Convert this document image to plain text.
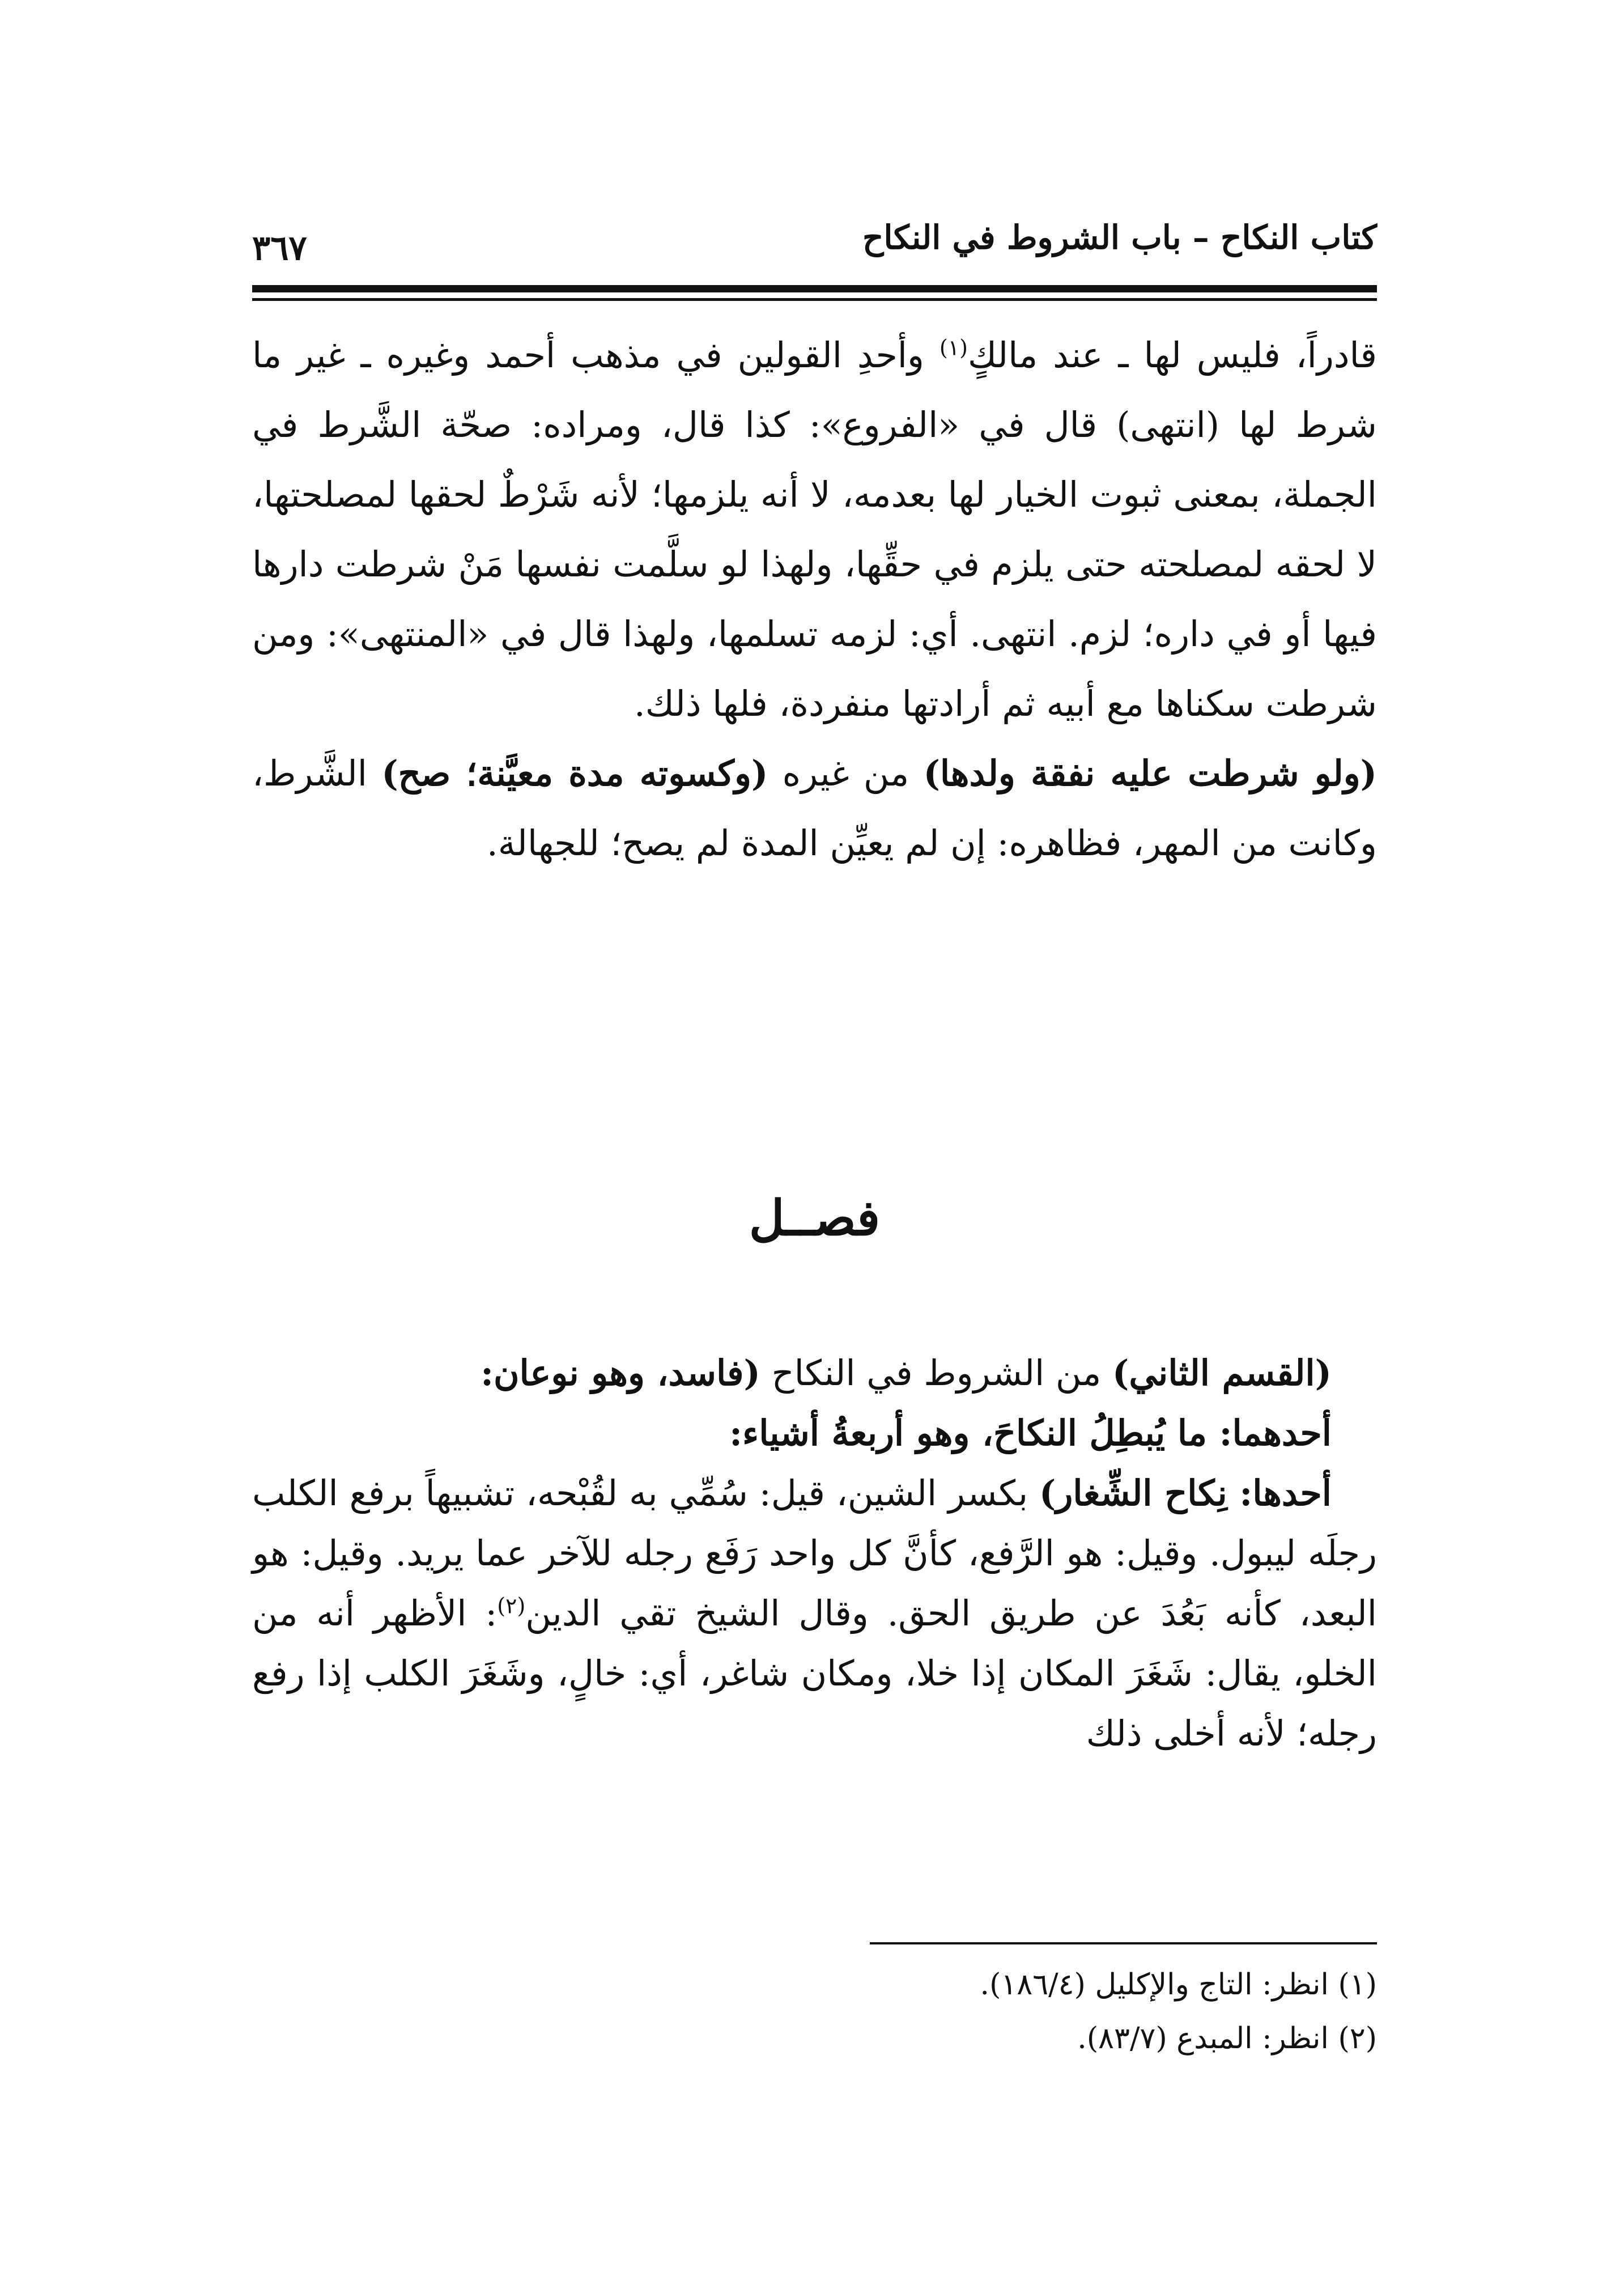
كتاب النكاح – باب الشروط في النكاح
٣٦٧

قادراً، فليس لها ـ عند مالكٍ$^{(١)}$ وأحدِ القولين في مذهب أحمد وغيره ـ غير ما شرط لها (انتهى) قال في «الفروع»: كذا قال، ومراده: صحّة الشَّرط في الجملة، بمعنى ثبوت الخيار لها بعدمه، لا أنه يلزمها؛ لأنه شَرْطٌ لحقها لمصلحتها، لا لحقه لمصلحته حتى يلزم في حقِّها، ولهذا لو سلَّمت نفسها مَنْ شرطت دارها فيها أو في داره؛ لزم. انتهى. أي: لزمه تسلمها، ولهذا قال في «المنتهى»: ومن شرطت سكناها مع أبيه ثم أرادتها منفردة، فلها ذلك.

(ولو شرطت عليه نفقة ولدها) من غيره (وكسوته مدة معيَّنة؛ صح) الشَّرط، وكانت من المهر، فظاهره: إن لم يعيِّن المدة لم يصح؛ للجهالة.

فصــل

(القسم الثاني) من الشروط في النكاح (فاسد، وهو نوعان:

أحدهما: ما يُبطِلُ النكاحَ، وهو أربعةُ أشياء:

أحدها: نِكاح الشِّغار) بكسر الشين، قيل: سُمِّي به لقُبْحه، تشبيهاً برفع الكلب رجلَه ليبول. وقيل: هو الرَّفع، كأنَّ كل واحد رَفَع رجله للآخر عما يريد. وقيل: هو البعد، كأنه بَعُدَ عن طريق الحق. وقال الشيخ تقي الدين$^{(٢)}$: الأظهر أنه من الخلو، يقال: شَغَرَ المكان إذا خلا، ومكان شاغر، أي: خالٍ، وشَغَرَ الكلب إذا رفع رجله؛ لأنه أخلى ذلك

(١) انظر: التاج والإكليل (١٨٦/٤).

(٢) انظر: المبدع (٨٣/٧).
